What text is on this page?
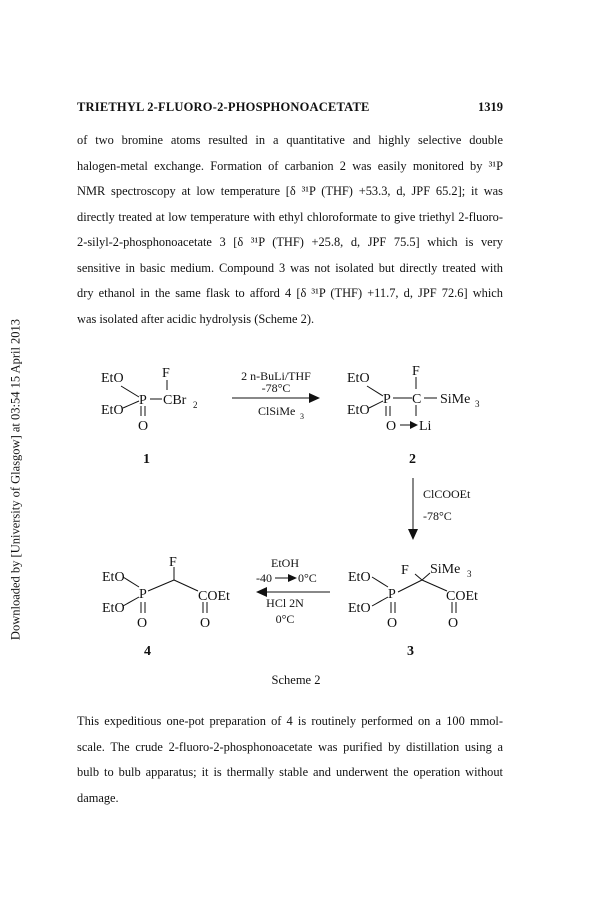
Downloaded by [University of Glasgow] at 03:54 15 April 2013
TRIETHYL 2-FLUORO-2-PHOSPHONOACETATE	1319
of two bromine atoms resulted in a quantitative and highly selective double
halogen-metal exchange. Formation of carbanion 2 was easily monitored by ³¹P
NMR spectroscopy at low temperature [δ ³¹P (THF) +53.3, d, JPF 65.2]; it was
directly treated at low temperature with ethyl chloroformate to give triethyl 2-fluoro-
2-silyl-2-phosphonoacetate 3 [δ ³¹P (THF) +25.8, d, JPF 75.5] which is very
sensitive in basic medium. Compound 3 was not isolated but directly treated with
dry ethanol in the same flask to afford 4 [δ ³¹P (THF) +11.7, d, JPF 72.6] which
was isolated after acidic hydrolysis (Scheme 2).
EtO
EtO
P
F
CBr 2
O
1
EtO
EtO
P
F
C SiMe 3
O Li
2
EtO
EtO
P
F SiMe 3
COEt
O	O
3
EtO
EtO
P
F
COEt
O	O
4
2 n-BuLi/THF
-78°C
ClSiMe 3
ClCOOEt
-78°C
EtOH
-40 0°C
HCl 2N
0°C
Scheme 2
This expeditious one-pot preparation of 4 is routinely performed on a 100 mmol-
scale. The crude 2-fluoro-2-phosphonoacetate was purified by distillation using a
bulb to bulb apparatus; it is thermally stable and underwent the operation without
damage.
